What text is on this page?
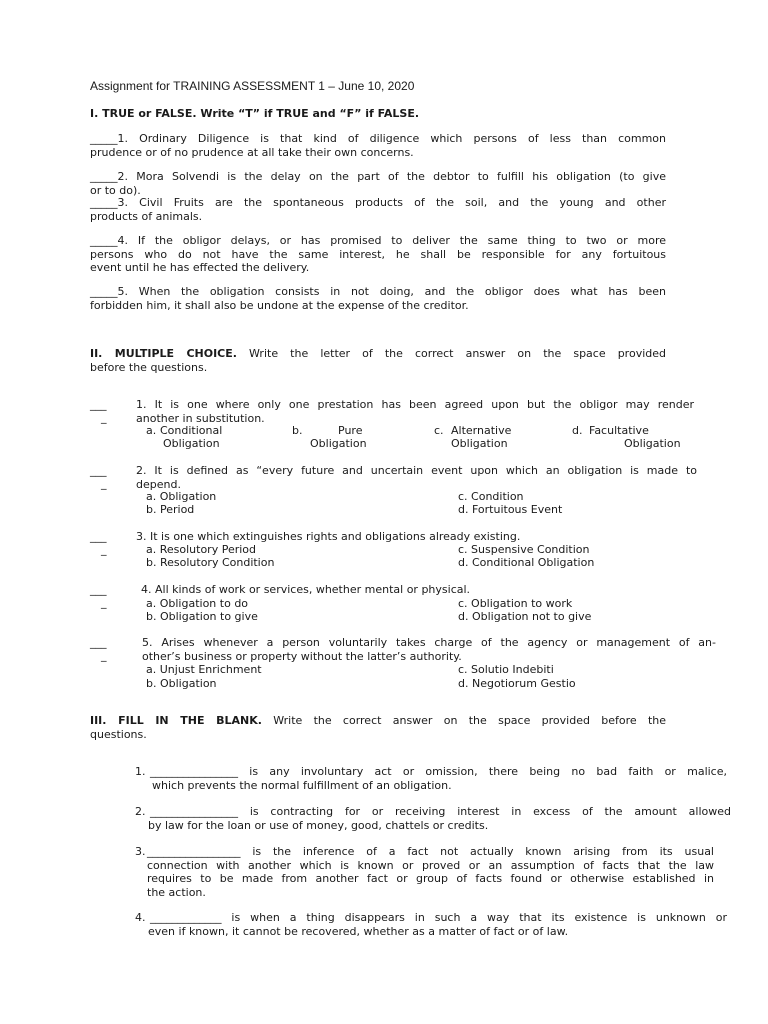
Assignment for TRAINING ASSESSMENT 1 – June 10, 2020
I. TRUE or FALSE. Write “T” if TRUE and “F” if FALSE.
_____1. Ordinary Diligence is that kind of diligence which persons of less than common
prudence or of no prudence at all take their own concerns.
_____2. Mora Solvendi is the delay on the part of the debtor to fulfill his obligation (to give
or to do).
_____3. Civil Fruits are the spontaneous products of the soil, and the young and other
products of animals.
_____4. If the obligor delays, or has promised to deliver the same thing to two or more
persons who do not have the same interest, he shall be responsible for any fortuitous
event until he has effected the delivery.
_____5. When the obligation consists in not doing, and the obligor does what has been
forbidden him, it shall also be undone at the expense of the creditor.
II. MULTIPLE CHOICE. Write the letter of the correct answer on the space provided
before the questions.
___
_
1. It is one where only one prestation has been agreed upon but the obligor may render
another in substitution.
a. Conditional
Obligation
b.	Pure
Obligation
c. Alternative
Obligation
d. Facultative
Obligation
___
_
2. It is defined as “every future and uncertain event upon which an obligation is made to
depend.
a. Obligation	c. Condition
b. Period	d. Fortuitous Event
___
_
3. It is one which extinguishes rights and obligations already existing.
a. Resolutory Period	c. Suspensive Condition
b. Resolutory Condition	d. Conditional Obligation
___
_
4. All kinds of work or services, whether mental or physical.
a. Obligation to do	c. Obligation to work
b. Obligation to give	d. Obligation not to give
___
_
5. Arises whenever a person voluntarily takes charge of the agency or management of an-
other’s business or property without the latter’s authority.
a. Unjust Enrichment	c. Solutio Indebiti
b. Obligation	d. Negotiorum Gestio
III. FILL IN THE BLANK. Write the correct answer on the space provided before the
questions.
1. ________________ is any involuntary act or omission, there being no bad faith or malice,
which prevents the normal fulfillment of an obligation.
2. ________________ is contracting for or receiving interest in excess of the amount allowed
by law for the loan or use of money, good, chattels or credits.
3. _________________ is the inference of a fact not actually known arising from its usual
connection with another which is known or proved or an assumption of facts that the law
requires to be made from another fact or group of facts found or otherwise established in
the action.
4. _____________ is when a thing disappears in such a way that its existence is unknown or
even if known, it cannot be recovered, whether as a matter of fact or of law.
